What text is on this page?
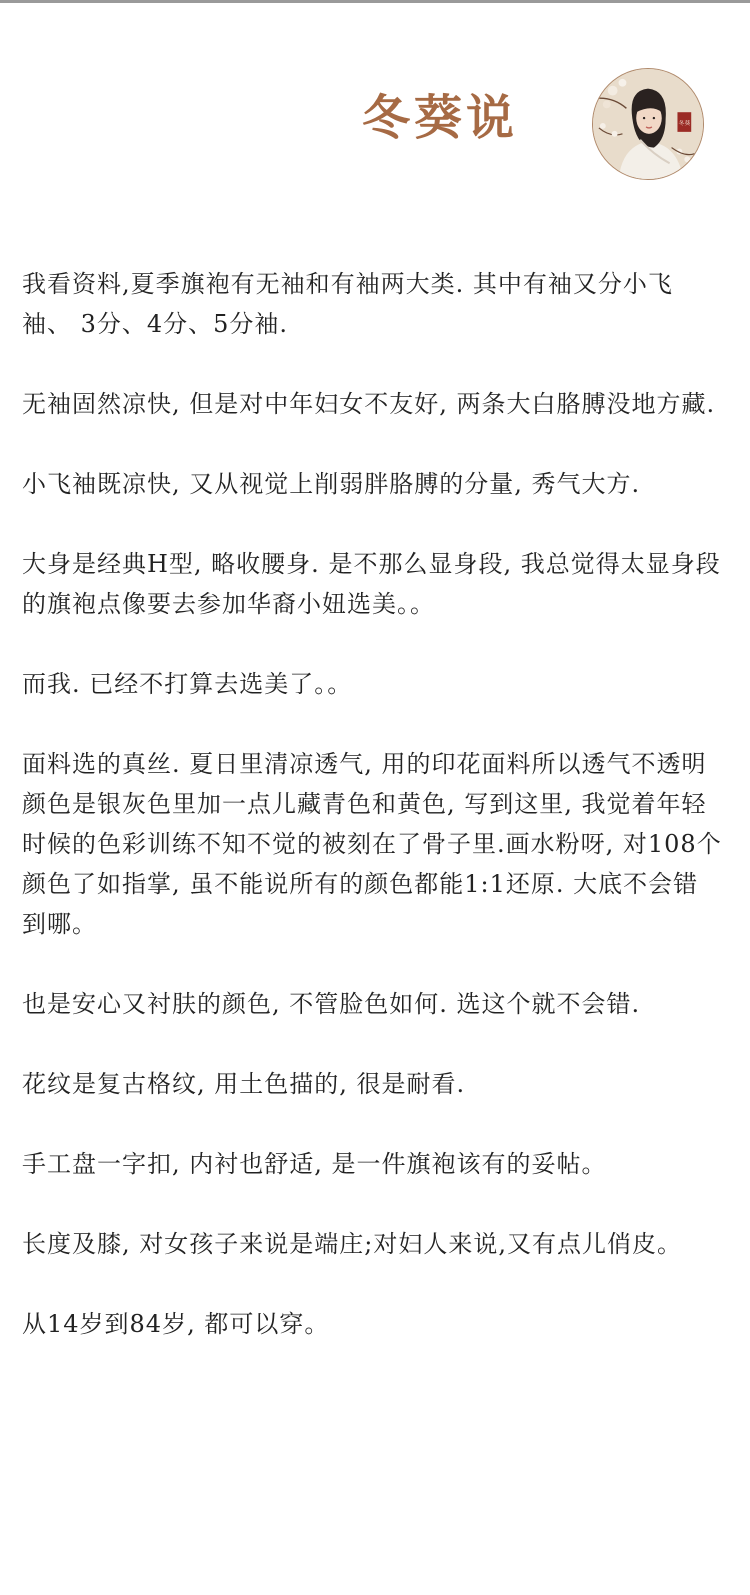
冬葵说	冬葵

我看资料,夏季旗袍有无袖和有袖两大类. 其中有袖又分小飞袖、 3分、4分、5分袖.

无袖固然凉快, 但是对中年妇女不友好, 两条大白胳膊没地方藏.

小飞袖既凉快, 又从视觉上削弱胖胳膊的分量, 秀气大方.

大身是经典H型, 略收腰身. 是不那么显身段, 我总觉得太显身段的旗袍点像要去参加华裔小妞选美。。

而我. 已经不打算去选美了。。

面料选的真丝. 夏日里清凉透气, 用的印花面料所以透气不透明颜色是银灰色里加一点儿藏青色和黄色, 写到这里, 我觉着年轻时候的色彩训练不知不觉的被刻在了骨子里.画水粉呀, 对108个颜色了如指掌, 虽不能说所有的颜色都能1:1还原. 大底不会错到哪。

也是安心又衬肤的颜色, 不管脸色如何. 选这个就不会错.

花纹是复古格纹, 用土色描的, 很是耐看.

手工盘一字扣, 内衬也舒适, 是一件旗袍该有的妥帖。

长度及膝, 对女孩子来说是端庄;对妇人来说,又有点儿俏皮。

从14岁到84岁, 都可以穿。
